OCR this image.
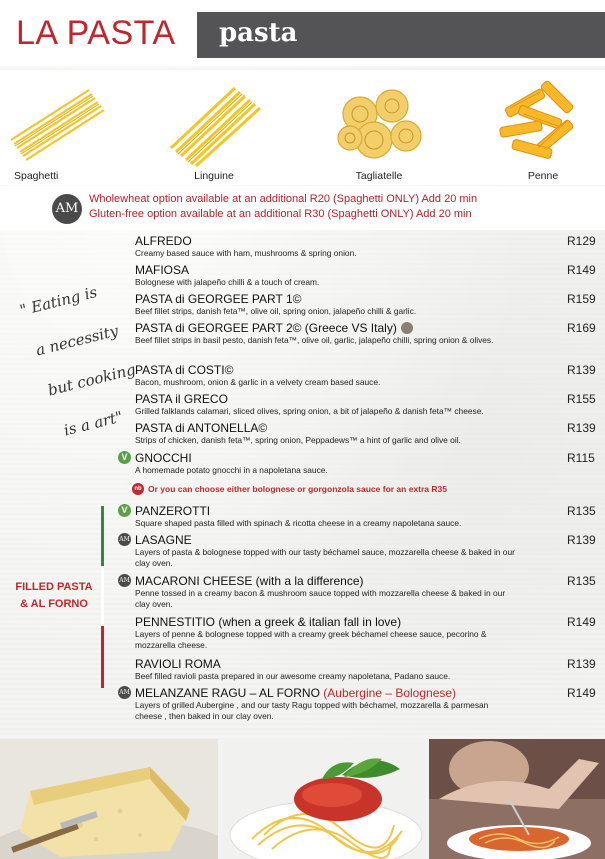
LA PASTA pasta
Spaghetti	Linguine	Tagliatelle	Penne
AM
Wholewheat option available at an additional R20 (Spaghetti ONLY) Add 20 min
Gluten-free option available at an additional R30 (Spaghetti ONLY) Add 20 min
" Eating is
a necessity
but cooking
is a art"
ALFREDO
Creamy based sauce with ham, mushrooms & spring onion.
R129
MAFIOSA
Bolognese with jalapeño chilli & a touch of cream.
R149
PASTA di GEORGEE PART 1©
Beef fillet strips, danish feta™, olive oil, spring onion, jalapeño chilli & garlic.
R159
PASTA di GEORGEE PART 2© (Greece VS Italy)
Beef fillet strips in basil pesto, danish feta™, olive oil, garlic, jalapeño chilli, spring onion & olives.
R169
PASTA di COSTI©
Bacon, mushroom, onion & garlic in a velvety cream based sauce.
R139
PASTA il GRECO
Grilled falklands calamari, sliced olives, spring onion, a bit of jalapeño & danish feta™ cheese.
R155
PASTA di ANTONELLA©
Strips of chicken, danish feta™, spring onion, Peppadews™ a hint of garlic and olive oil.
R139
V GNOCCHI
A homemade potato gnocchi in a napoletana sauce.
R115
nb Or you can choose either bolognese or gorgonzola sauce for an extra R35
FILLED PASTA
& AL FORNO
V PANZEROTTI
Square shaped pasta filled with spinach & ricotta cheese in a creamy napoletana sauce.
R135
AM LASAGNE
Layers of pasta & bolognese topped with our tasty béchamel sauce, mozzarella cheese & baked in our clay oven.
R139
AM MACARONI CHEESE (with a la difference)
Penne tossed in a creamy bacon & mushroom sauce topped with mozzarella cheese & baked in our clay oven.
R135
PENNESTITIO (when a greek & italian fall in love)
Layers of penne & bolognese topped with a creamy greek béchamel cheese sauce, pecorino & mozzarella cheese.
R149
RAVIOLI ROMA
Beef filled ravioli pasta prepared in our awesome creamy napoletana, Padano sauce.
R139
AM MELANZANE RAGU – AL FORNO (Aubergine – Bolognese)
Layers of grilled Aubergine , and our tasty Ragu topped with béchamel, mozzarella & parmesan cheese , then baked in our clay oven.
R149
